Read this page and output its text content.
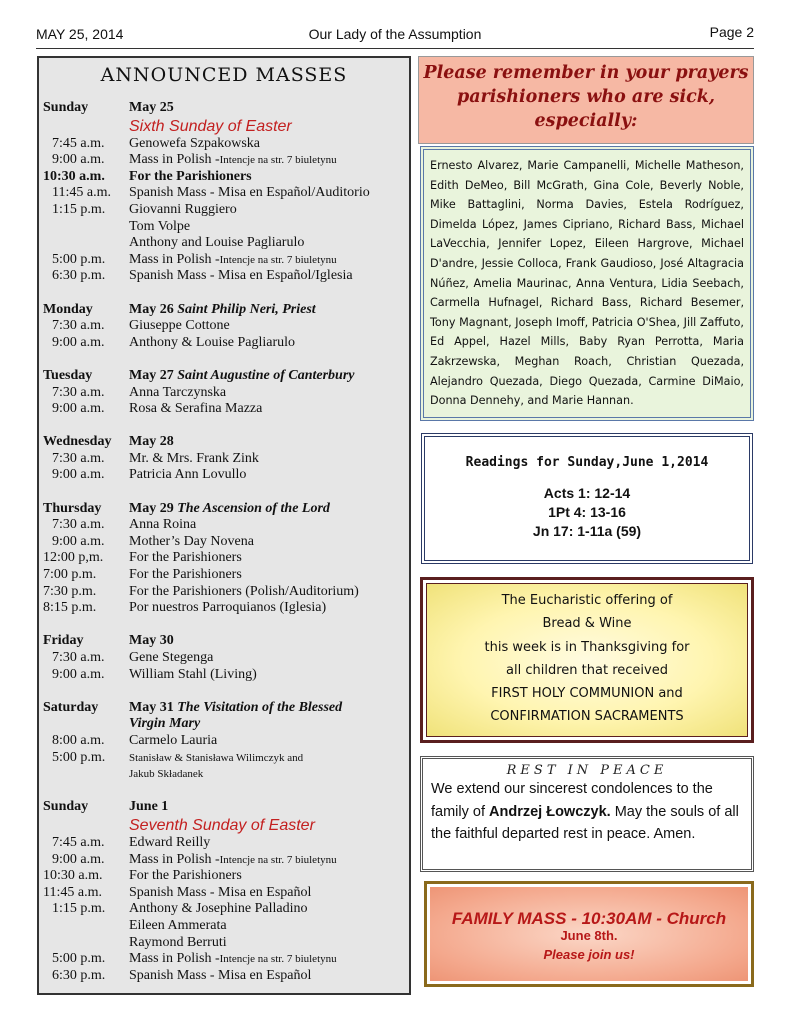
MAY 25, 2014	Our Lady of the Assumption	Page 2
ANNOUNCED MASSES
Sunday	May 25
Sixth Sunday of Easter
7:45 a.m.	Genowefa Szpakowska
9:00 a.m.	Mass in Polish -Intencje na str. 7 biuletynu
10:30 a.m.	For the Parishioners
11:45 a.m.	Spanish Mass - Misa en Español/Auditorio
1:15 p.m.	Giovanni Ruggiero
Tom Volpe
Anthony and Louise Pagliarulo
5:00 p.m.	Mass in Polish -Intencje na str. 7 biuletynu
6:30 p.m.	Spanish Mass - Misa en Español/Iglesia
Monday	May 26 Saint Philip Neri, Priest
7:30 a.m.	Giuseppe Cottone
9:00 a.m.	Anthony & Louise Pagliarulo
Tuesday	May 27 Saint Augustine of Canterbury
7:30 a.m.	Anna Tarczynska
9:00 a.m.	Rosa & Serafina Mazza
Wednesday	May 28
7:30 a.m.	Mr. & Mrs. Frank Zink
9:00 a.m.	Patricia Ann Lovullo
Thursday	May 29 The Ascension of the Lord
7:30 a.m.	Anna Roina
9:00 a.m.	Mother’s Day Novena
12:00 p,m.	For the Parishioners
7:00 p.m.	For the Parishioners
7:30 p.m.	For the Parishioners (Polish/Auditorium)
8:15 p.m.	Por nuestros Parroquianos (Iglesia)
Friday	May 30
7:30 a.m.	Gene Stegenga
9:00 a.m.	William Stahl (Living)
Saturday	May 31 The Visitation of the Blessed
Virgin Mary
8:00 a.m.	Carmelo Lauria
5:00 p.m.	Stanisław & Stanisława Wilimczyk and
Jakub Składanek
Sunday	June 1
Seventh Sunday of Easter
7:45 a.m.	Edward Reilly
9:00 a.m.	Mass in Polish -Intencje na str. 7 biuletynu
10:30 a.m.	For the Parishioners
11:45 a.m.	Spanish Mass - Misa en Español
1:15 p.m.	Anthony & Josephine Palladino
Eileen Ammerata
Raymond Berruti
5:00 p.m.	Mass in Polish -Intencje na str. 7 biuletynu
6:30 p.m.	Spanish Mass - Misa en Español
Please remember in your prayers parishioners who are sick, especially:
Ernesto Alvarez, Marie Campanelli, Michelle Matheson, Edith DeMeo, Bill McGrath, Gina Cole, Beverly Noble, Mike Battaglini, Norma Davies, Estela Rodríguez, Dimelda López, James Cipriano, Richard Bass, Michael LaVecchia, Jennifer Lopez, Eileen Hargrove, Michael D'andre, Jessie Colloca, Frank Gaudioso, José Altagracia Núñez, Amelia Maurinac, Anna Ventura, Lidia Seebach, Carmella Hufnagel, Richard Bass, Richard Besemer, Tony Magnant, Joseph Imoff, Patricia O'Shea, Jill Zaffuto, Ed Appel, Hazel Mills, Baby Ryan Perrotta, Maria Zakrzewska, Meghan Roach, Christian Quezada, Alejandro Quezada, Diego Quezada, Carmine DiMaio, Donna Dennehy, and Marie Hannan.
Readings for Sunday,June 1,2014
Acts 1: 12-14
1Pt 4: 13-16
Jn 17: 1-11a (59)
The Eucharistic offering of
Bread & Wine
this week is in Thanksgiving for
all children that received
FIRST HOLY COMMUNION and
CONFIRMATION SACRAMENTS
REST IN PEACE
We extend our sincerest condolences to the family of Andrzej Łowczyk. May the souls of all the faithful departed rest in peace. Amen.
FAMILY MASS - 10:30AM - Church
June 8th.
Please join us!
